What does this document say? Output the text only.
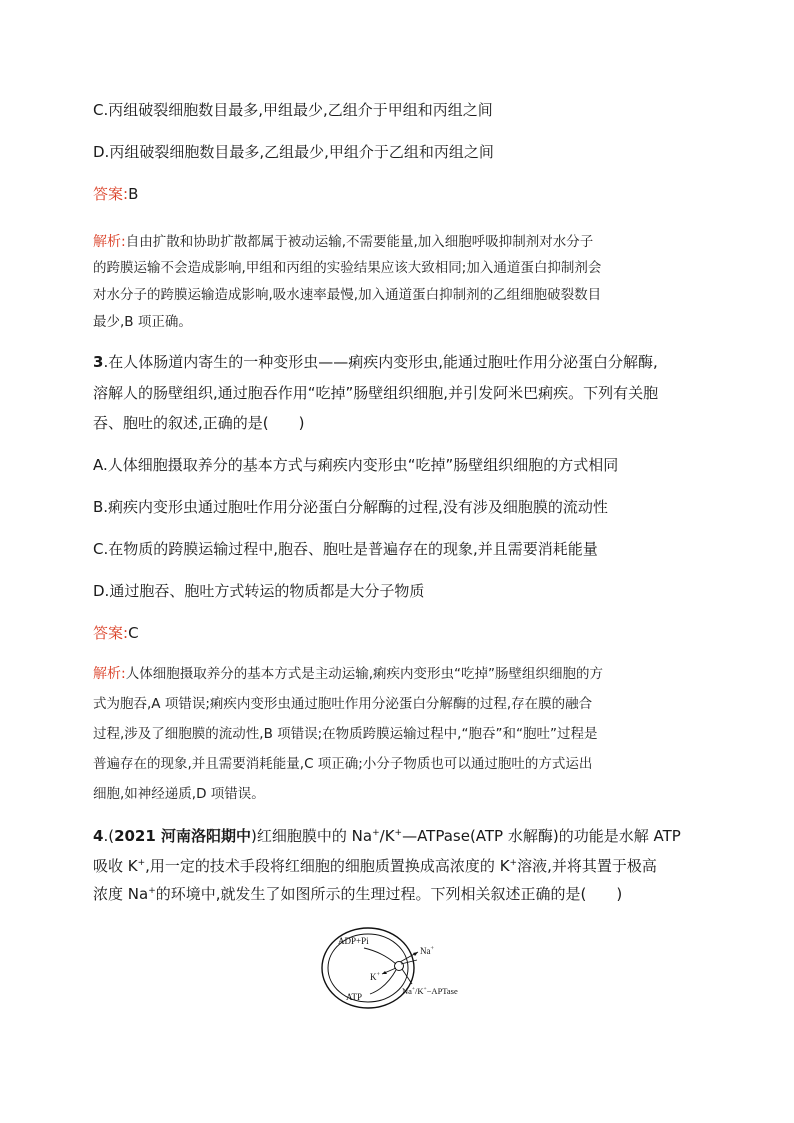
C.丙组破裂细胞数目最多,甲组最少,乙组介于甲组和丙组之间
D.丙组破裂细胞数目最多,乙组最少,甲组介于乙组和丙组之间
答案:B
解析:自由扩散和协助扩散都属于被动运输,不需要能量,加入细胞呼吸抑制剂对水分子
的跨膜运输不会造成影响,甲组和丙组的实验结果应该大致相同;加入通道蛋白抑制剂会
对水分子的跨膜运输造成影响,吸水速率最慢,加入通道蛋白抑制剂的乙组细胞破裂数目
最少,B 项正确。
3.在人体肠道内寄生的一种变形虫——痢疾内变形虫,能通过胞吐作用分泌蛋白分解酶,
溶解人的肠壁组织,通过胞吞作用“吃掉”肠壁组织细胞,并引发阿米巴痢疾。下列有关胞
吞、胞吐的叙述,正确的是(　　)
A.人体细胞摄取养分的基本方式与痢疾内变形虫“吃掉”肠壁组织细胞的方式相同
B.痢疾内变形虫通过胞吐作用分泌蛋白分解酶的过程,没有涉及细胞膜的流动性
C.在物质的跨膜运输过程中,胞吞、胞吐是普遍存在的现象,并且需要消耗能量
D.通过胞吞、胞吐方式转运的物质都是大分子物质
答案:C
解析:人体细胞摄取养分的基本方式是主动运输,痢疾内变形虫“吃掉”肠壁组织细胞的方
式为胞吞,A 项错误;痢疾内变形虫通过胞吐作用分泌蛋白分解酶的过程,存在膜的融合
过程,涉及了细胞膜的流动性,B 项错误;在物质跨膜运输过程中,“胞吞”和“胞吐”过程是
普遍存在的现象,并且需要消耗能量,C 项正确;小分子物质也可以通过胞吐的方式运出
细胞,如神经递质,D 项错误。
4.(2021 河南洛阳期中)红细胞膜中的 Na+/K+—ATPase(ATP 水解酶)的功能是水解 ATP
吸收 K+,用一定的技术手段将红细胞的细胞质置换成高浓度的 K+溶液,并将其置于极高
浓度 Na+的环境中,就发生了如图所示的生理过程。下列相关叙述正确的是(　　)
ADP+Pi
K+
ATP
Na+
Na+/K+−APTase
